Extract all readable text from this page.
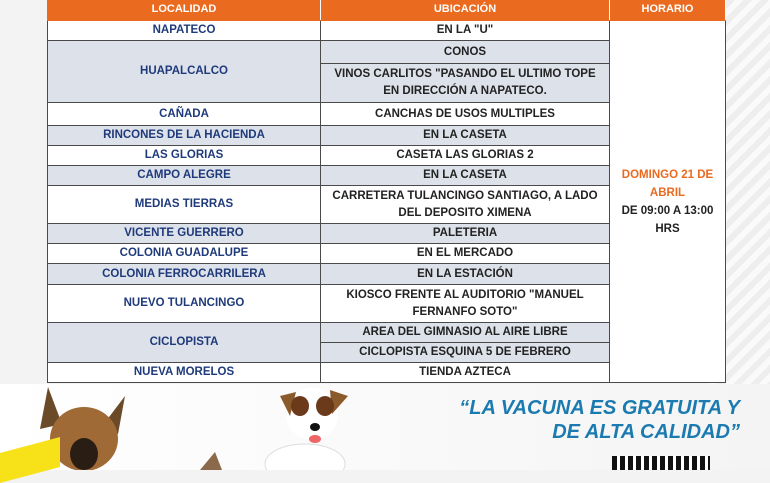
LOCALIDAD	UBICACIÓN	HORARIO
NAPATECO	EN LA "U"	DOMINGO 21 DE ABRIL
DE 09:00 A 13:00 HRS

HUAPALCALCO	CONOS	
	VINOS CARLITOS "PASANDO EL ULTIMO TOPE EN DIRECCIÓN A NAPATECO.	
CAÑADA	CANCHAS DE USOS MULTIPLES	
RINCONES DE LA HACIENDA	EN LA CASETA	
LAS GLORIAS	CASETA LAS GLORIAS 2	
CAMPO ALEGRE	EN LA CASETA	
MEDIAS TIERRAS	CARRETERA TULANCINGO SANTIAGO, A LADO DEL DEPOSITO XIMENA	
VICENTE GUERRERO	PALETERIA	
COLONIA GUADALUPE	EN EL MERCADO	
COLONIA FERROCARRILERA	EN LA ESTACIÓN	
NUEVO TULANCINGO	KIOSCO FRENTE AL AUDITORIO "MANUEL FERNANFO SOTO"	
CICLOPISTA	AREA DEL GIMNASIO AL AIRE LIBRE	
	CICLOPISTA ESQUINA 5 DE FEBRERO	
NUEVA MORELOS	TIENDA AZTECA	
“LA VACUNA ES GRATUITA Y
DE ALTA CALIDAD”
